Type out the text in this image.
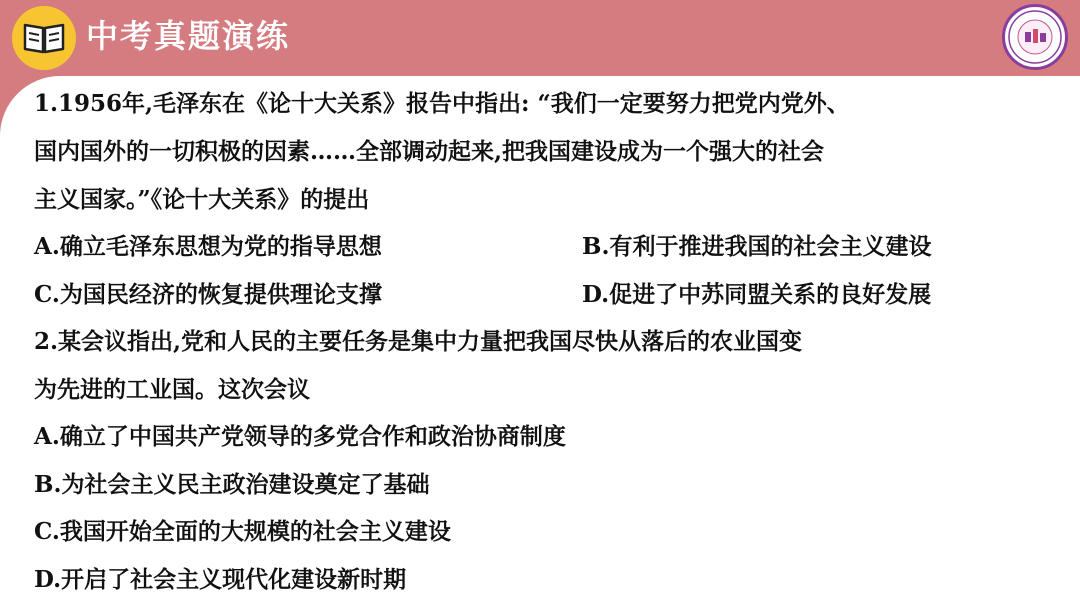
中考真题演练
1.1956年,毛泽东在《论十大关系》报告中指出: “我们一定要努力把党内党外、
国内国外的一切积极的因素……全部调动起来,把我国建设成为一个强大的社会
主义国家。”《论十大关系》的提出
A.确立毛泽东思想为党的指导思想	B.有利于推进我国的社会主义建设
C.为国民经济的恢复提供理论支撑	D.促进了中苏同盟关系的良好发展
2.某会议指出,党和人民的主要任务是集中力量把我国尽快从落后的农业国变
为先进的工业国。这次会议
A.确立了中国共产党领导的多党合作和政治协商制度
B.为社会主义民主政治建设奠定了基础
C.我国开始全面的大规模的社会主义建设
D.开启了社会主义现代化建设新时期
